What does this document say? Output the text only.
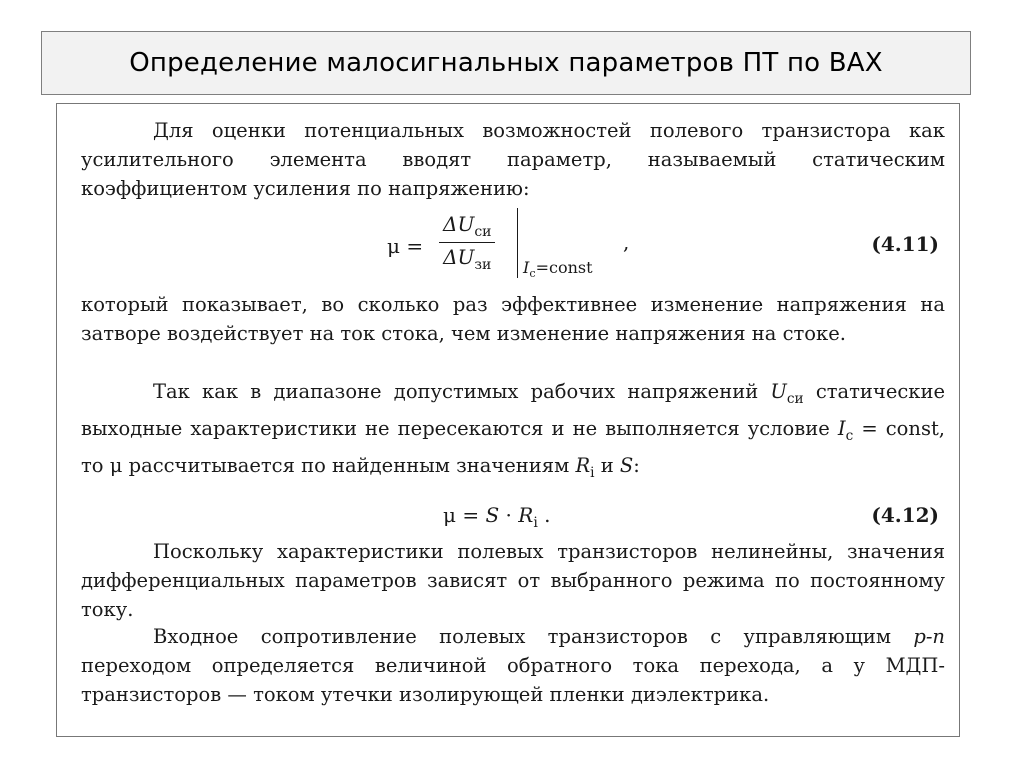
Определение малосигнальных параметров ПТ по ВАХ

Для оценки потенциальных возможностей полевого транзистора как усилительного элемента вводят параметр, называемый статическим коэффициентом усиления по напряжению:

μ =
$\Delta U_{си}$
$\Delta U_{зи}$ $I_с=const$
,	(4.11)

который показывает, во сколько раз эффективнее изменение напряжения на затворе воздействует на ток стока, чем изменение напряжения на стоке.

Так как в диапазоне допустимых рабочих напряжений $U_{си}$ статические выходные характеристики не пересекаются и не выполняется условие $I_с$ = const, то μ рассчитывается по найденным значениям $R_i$ и S:

$\mu = S \cdot R_i$ .	(4.12)

Поскольку характеристики полевых транзисторов нелинейны, значения дифференциальных параметров зависят от выбранного режима по постоянному току.

Входное сопротивление полевых транзисторов с управляющим p-n переходом определяется величиной обратного тока перехода, а у МДП-транзисторов — током утечки изолирующей пленки диэлектрика.
